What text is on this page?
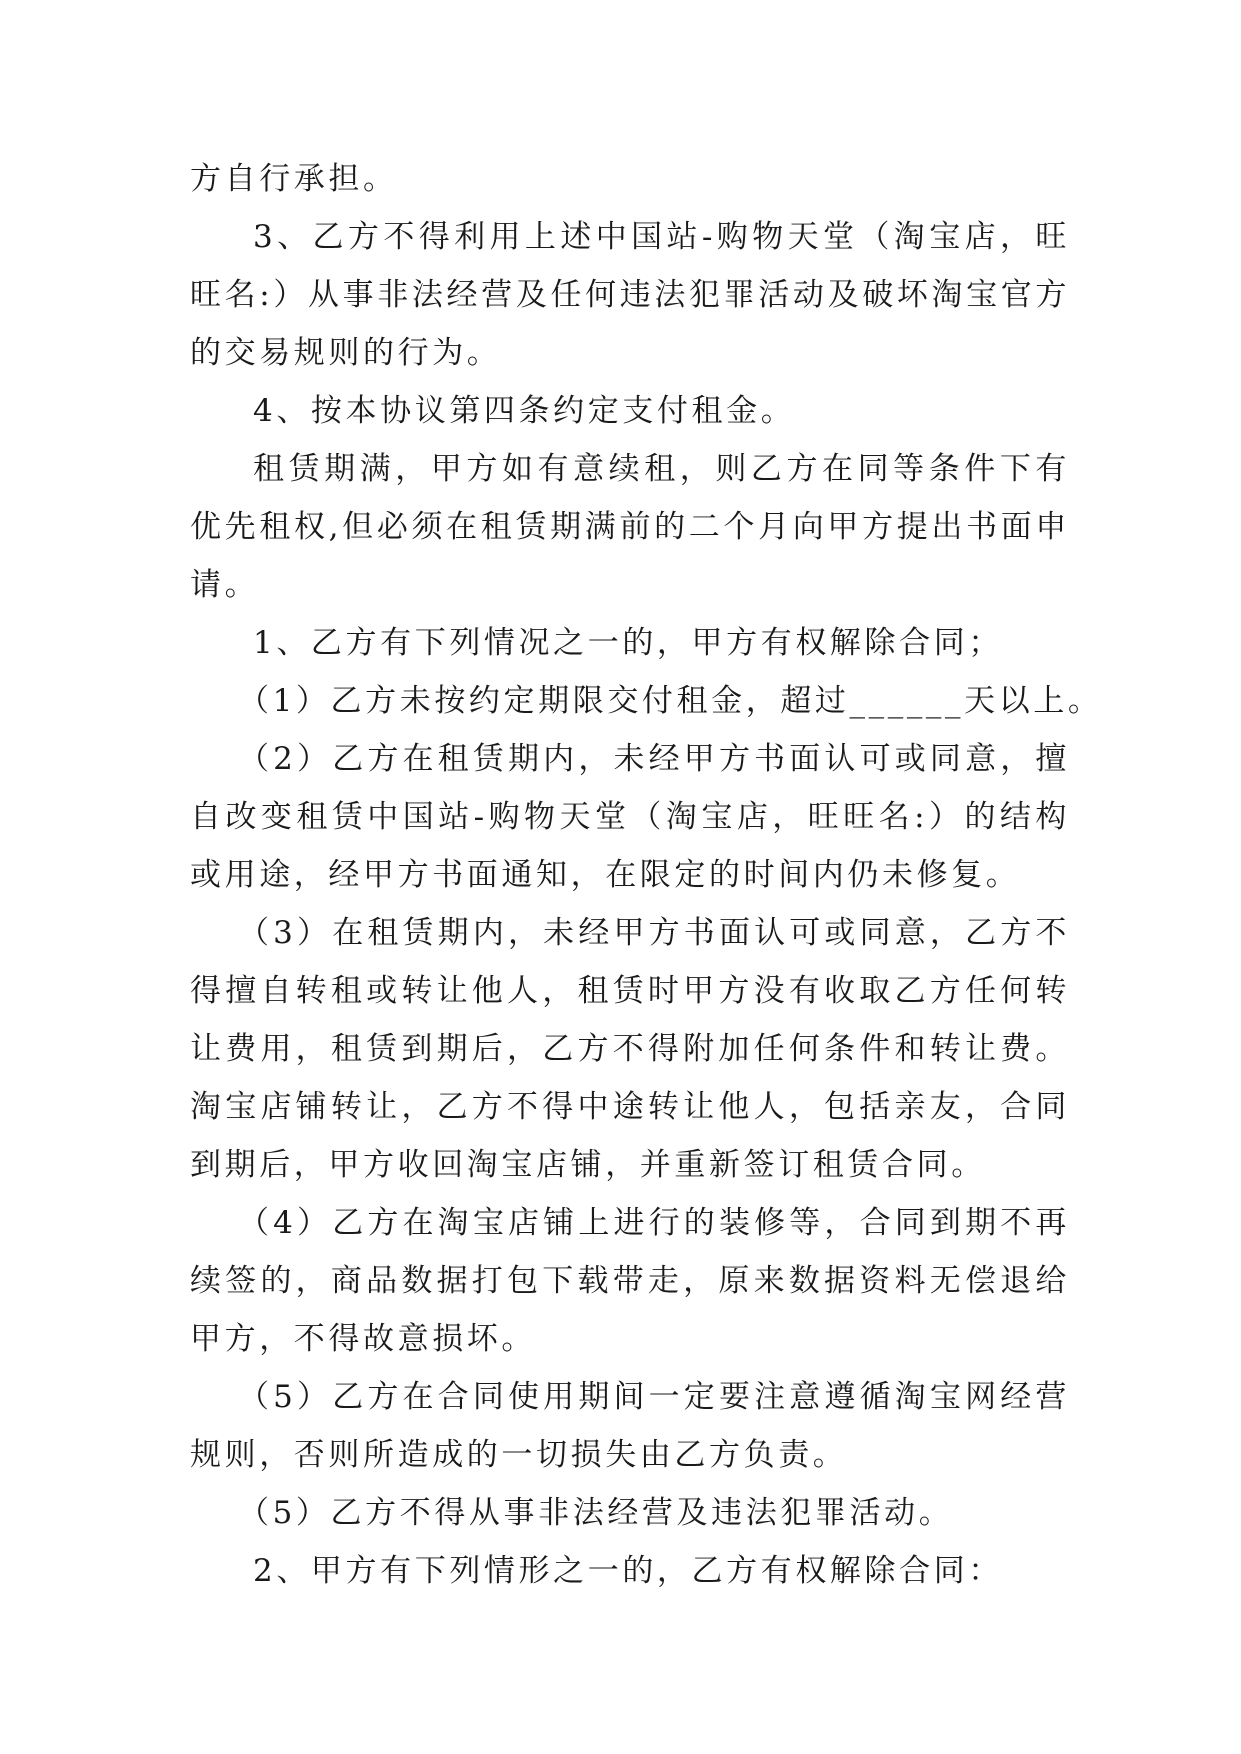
方自行承担。

3、乙方不得利用上述中国站-购物天堂（淘宝店，旺旺名:）从事非法经营及任何违法犯罪活动及破坏淘宝官方的交易规则的行为。

4、按本协议第四条约定支付租金。

租赁期满，甲方如有意续租，则乙方在同等条件下有优先租权,但必须在租赁期满前的二个月向甲方提出书面申请。

1、乙方有下列情况之一的，甲方有权解除合同；

（1）乙方未按约定期限交付租金，超过______天以上。

（2）乙方在租赁期内，未经甲方书面认可或同意，擅自改变租赁中国站-购物天堂（淘宝店，旺旺名:）的结构或用途，经甲方书面通知，在限定的时间内仍未修复。

（3）在租赁期内，未经甲方书面认可或同意，乙方不得擅自转租或转让他人，租赁时甲方没有收取乙方任何转让费用，租赁到期后，乙方不得附加任何条件和转让费。淘宝店铺转让，乙方不得中途转让他人，包括亲友，合同到期后，甲方收回淘宝店铺，并重新签订租赁合同。

（4）乙方在淘宝店铺上进行的装修等，合同到期不再续签的，商品数据打包下载带走，原来数据资料无偿退给甲方，不得故意损坏。

（5）乙方在合同使用期间一定要注意遵循淘宝网经营规则，否则所造成的一切损失由乙方负责。

（5）乙方不得从事非法经营及违法犯罪活动。

2、甲方有下列情形之一的，乙方有权解除合同：
